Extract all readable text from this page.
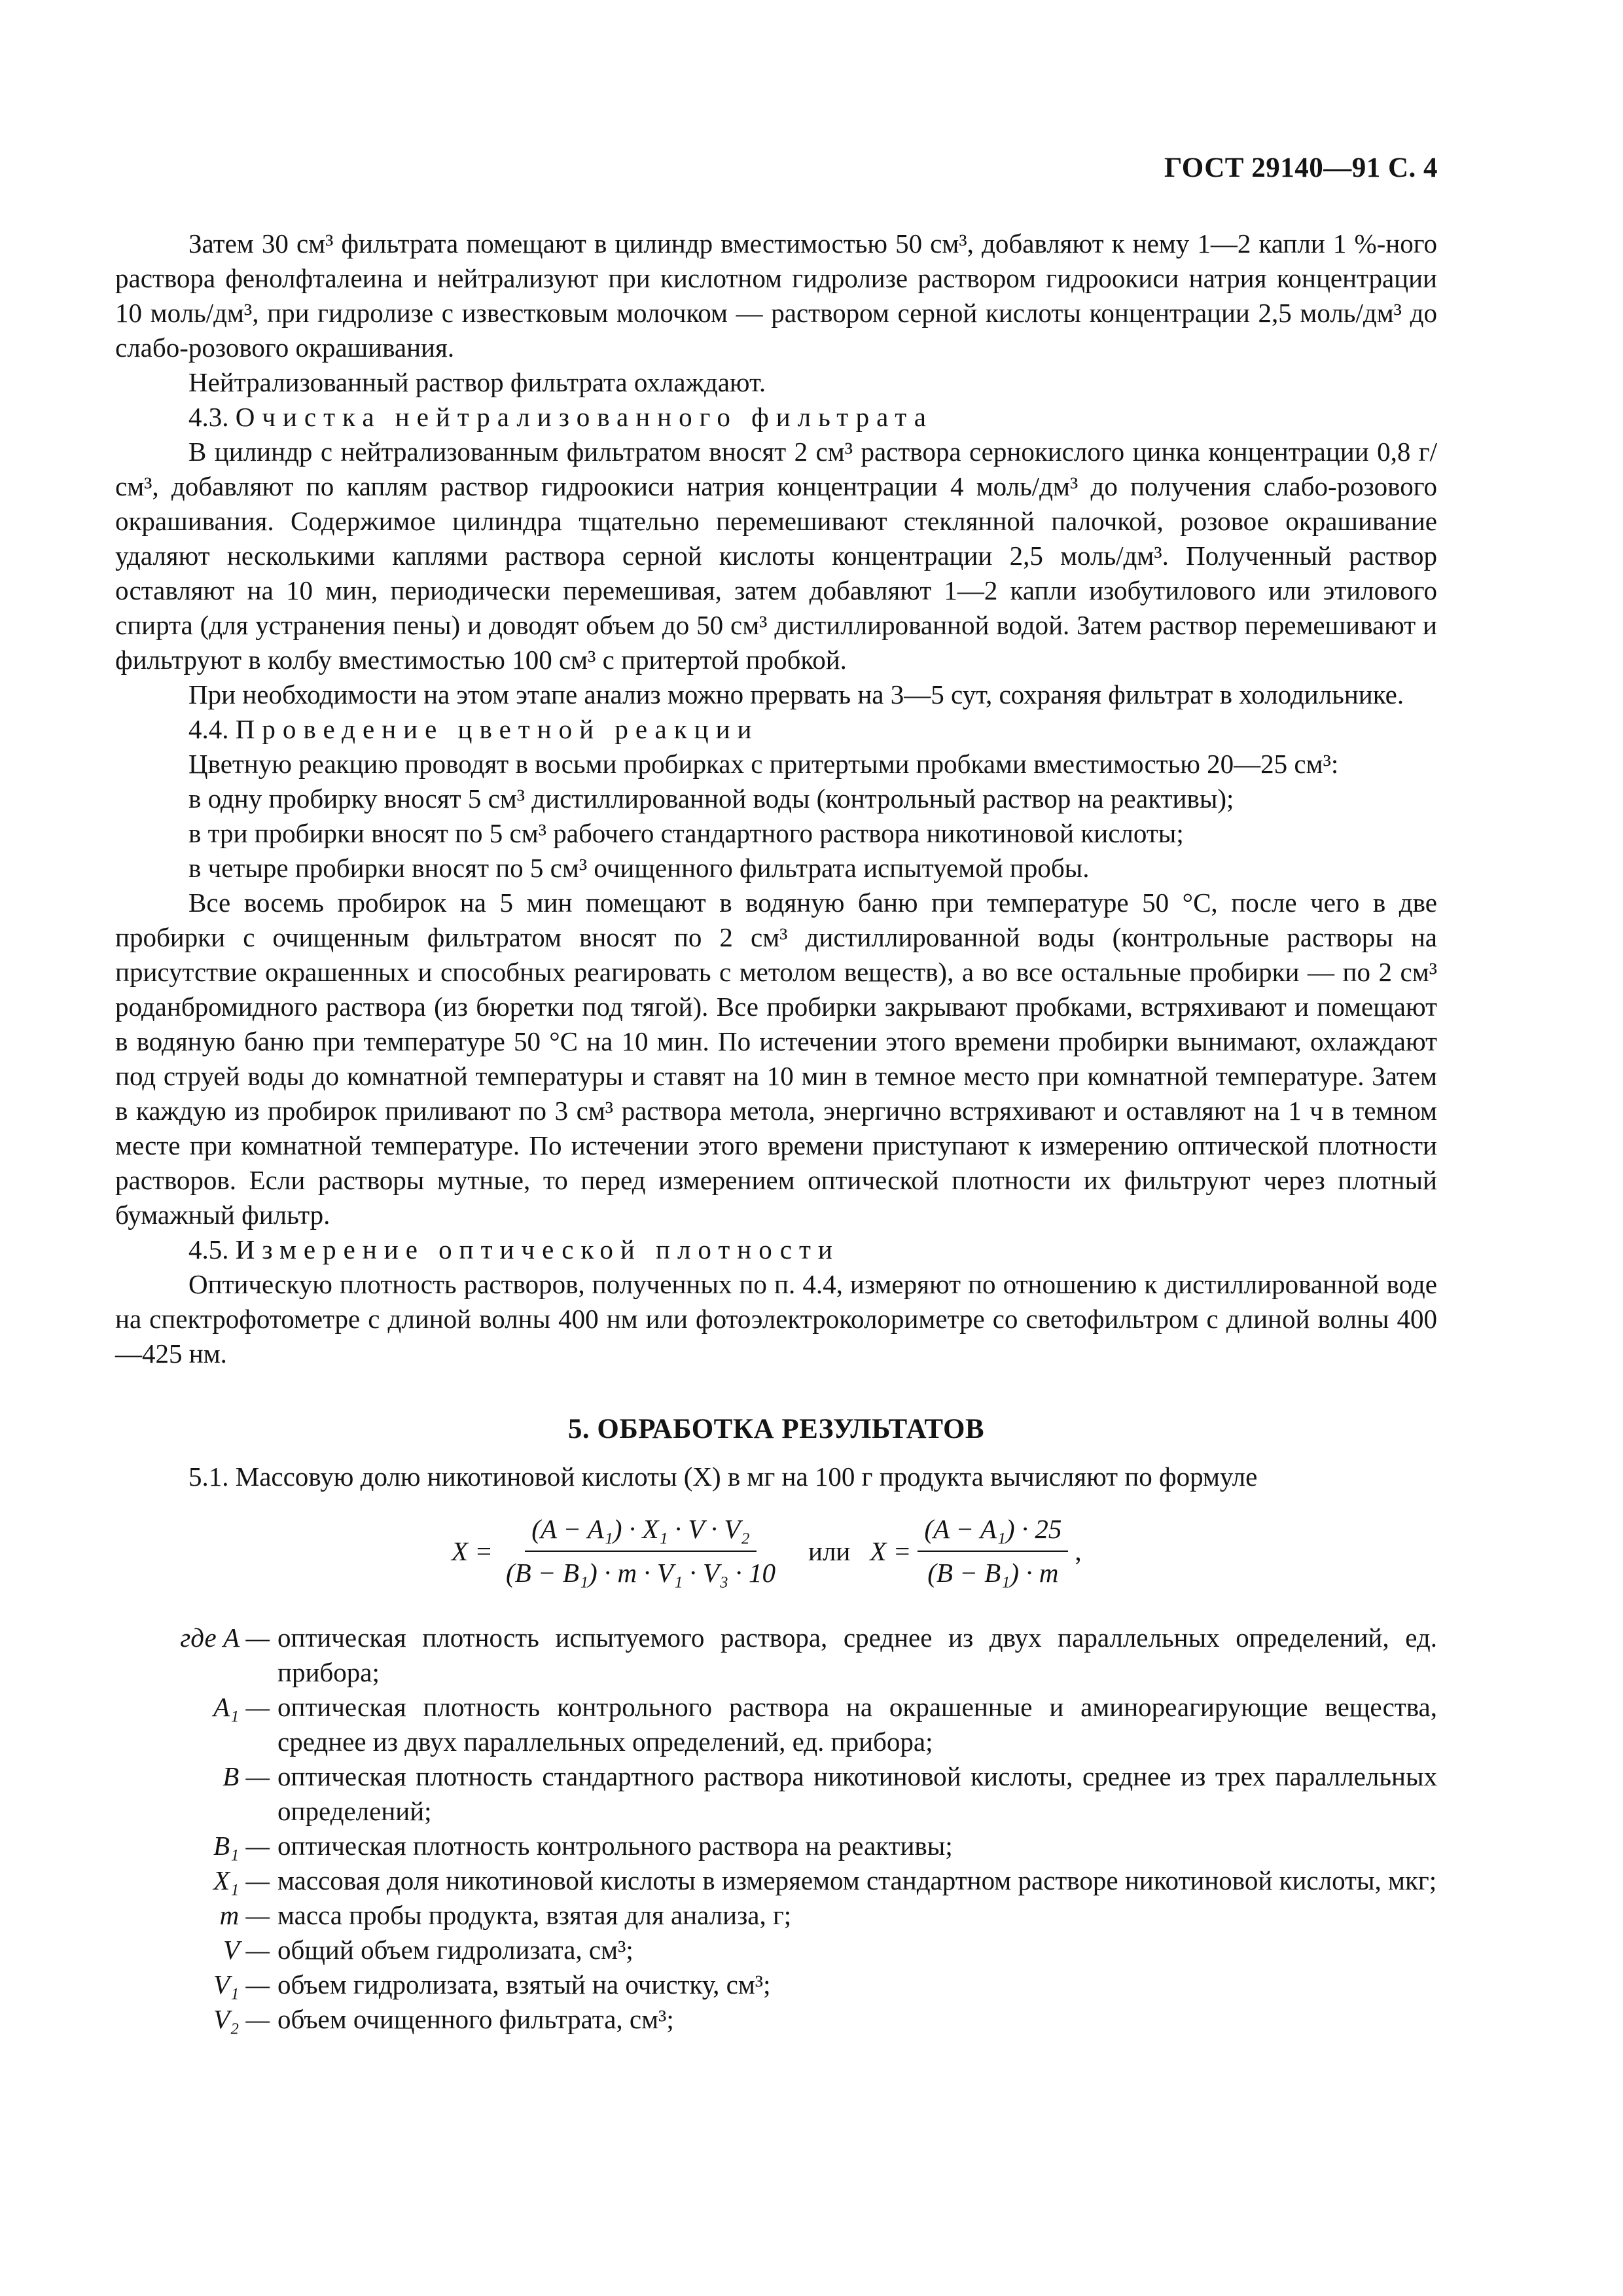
ГОСТ 29140—91 С. 4

Затем 30 см³ фильтрата помещают в цилиндр вместимостью 50 см³, добавляют к нему 1—2 капли 1 %-ного раствора фенолфталеина и нейтрализуют при кислотном гидролизе раствором гидроокиси натрия концентрации 10 моль/дм³, при гидролизе с известковым молочком — раствором серной кислоты концентрации 2,5 моль/дм³ до слабо-розового окрашивания.

Нейтрализованный раствор фильтрата охлаждают.

4.3. Очистка нейтрализованного фильтрата

В цилиндр с нейтрализованным фильтратом вносят 2 см³ раствора сернокислого цинка концентрации 0,8 г/см³, добавляют по каплям раствор гидроокиси натрия концентрации 4 моль/дм³ до получения слабо-розового окрашивания. Содержимое цилиндра тщательно перемешивают стеклянной палочкой, розовое окрашивание удаляют несколькими каплями раствора серной кислоты концентрации 2,5 моль/дм³. Полученный раствор оставляют на 10 мин, периодически перемешивая, затем добавляют 1—2 капли изобутилового или этилового спирта (для устранения пены) и доводят объем до 50 см³ дистиллированной водой. Затем раствор перемешивают и фильтруют в колбу вместимостью 100 см³ с притертой пробкой.

При необходимости на этом этапе анализ можно прервать на 3—5 сут, сохраняя фильтрат в холодильнике.

4.4. Проведение цветной реакции

Цветную реакцию проводят в восьми пробирках с притертыми пробками вместимостью 20—25 см³:

в одну пробирку вносят 5 см³ дистиллированной воды (контрольный раствор на реактивы);

в три пробирки вносят по 5 см³ рабочего стандартного раствора никотиновой кислоты;

в четыре пробирки вносят по 5 см³ очищенного фильтрата испытуемой пробы.

Все восемь пробирок на 5 мин помещают в водяную баню при температуре 50 °С, после чего в две пробирки с очищенным фильтратом вносят по 2 см³ дистиллированной воды (контрольные растворы на присутствие окрашенных и способных реагировать с метолом веществ), а во все остальные пробирки — по 2 см³ роданбромидного раствора (из бюретки под тягой). Все пробирки закрывают пробками, встряхивают и помещают в водяную баню при температуре 50 °С на 10 мин. По истечении этого времени пробирки вынимают, охлаждают под струей воды до комнатной температуры и ставят на 10 мин в темное место при комнатной температуре. Затем в каждую из пробирок приливают по 3 см³ раствора метола, энергично встряхивают и оставляют на 1 ч в темном месте при комнатной температуре. По истечении этого времени приступают к измерению оптической плотности растворов. Если растворы мутные, то перед измерением оптической плотности их фильтруют через плотный бумажный фильтр.

4.5. Измерение оптической плотности

Оптическую плотность растворов, полученных по п. 4.4, измеряют по отношению к дистиллированной воде на спектрофотометре с длиной волны 400 нм или фотоэлектроколориметре со светофильтром с длиной волны 400—425 нм.

5. ОБРАБОТКА РЕЗУЛЬТАТОВ
5.1. Массовую долю никотиновой кислоты (X) в мг на 100 г продукта вычисляют по формуле
$X = \frac{\text{(A − A₁) · X₁ · V · V₂}}{\text{(B − B₁) · m · V₁ · V₃ · 10}}$ или $X = \frac{\text{(A − A₁) · 25}}{\text{(B − B₁) · m}}$ ,
где A — оптическая плотность испытуемого раствора, среднее из двух параллельных определений, ед. прибора;
A₁ — оптическая плотность контрольного раствора на окрашенные и аминореагирующие вещества, среднее из двух параллельных определений, ед. прибора;
B — оптическая плотность стандартного раствора никотиновой кислоты, среднее из трех параллельных определений;
B₁ — оптическая плотность контрольного раствора на реактивы;
X₁ — массовая доля никотиновой кислоты в измеряемом стандартном растворе никотиновой кислоты, мкг;
m — масса пробы продукта, взятая для анализа, г;
V — общий объем гидролизата, см³;
V₁ — объем гидролизата, взятый на очистку, см³;
V₂ — объем очищенного фильтрата, см³;
